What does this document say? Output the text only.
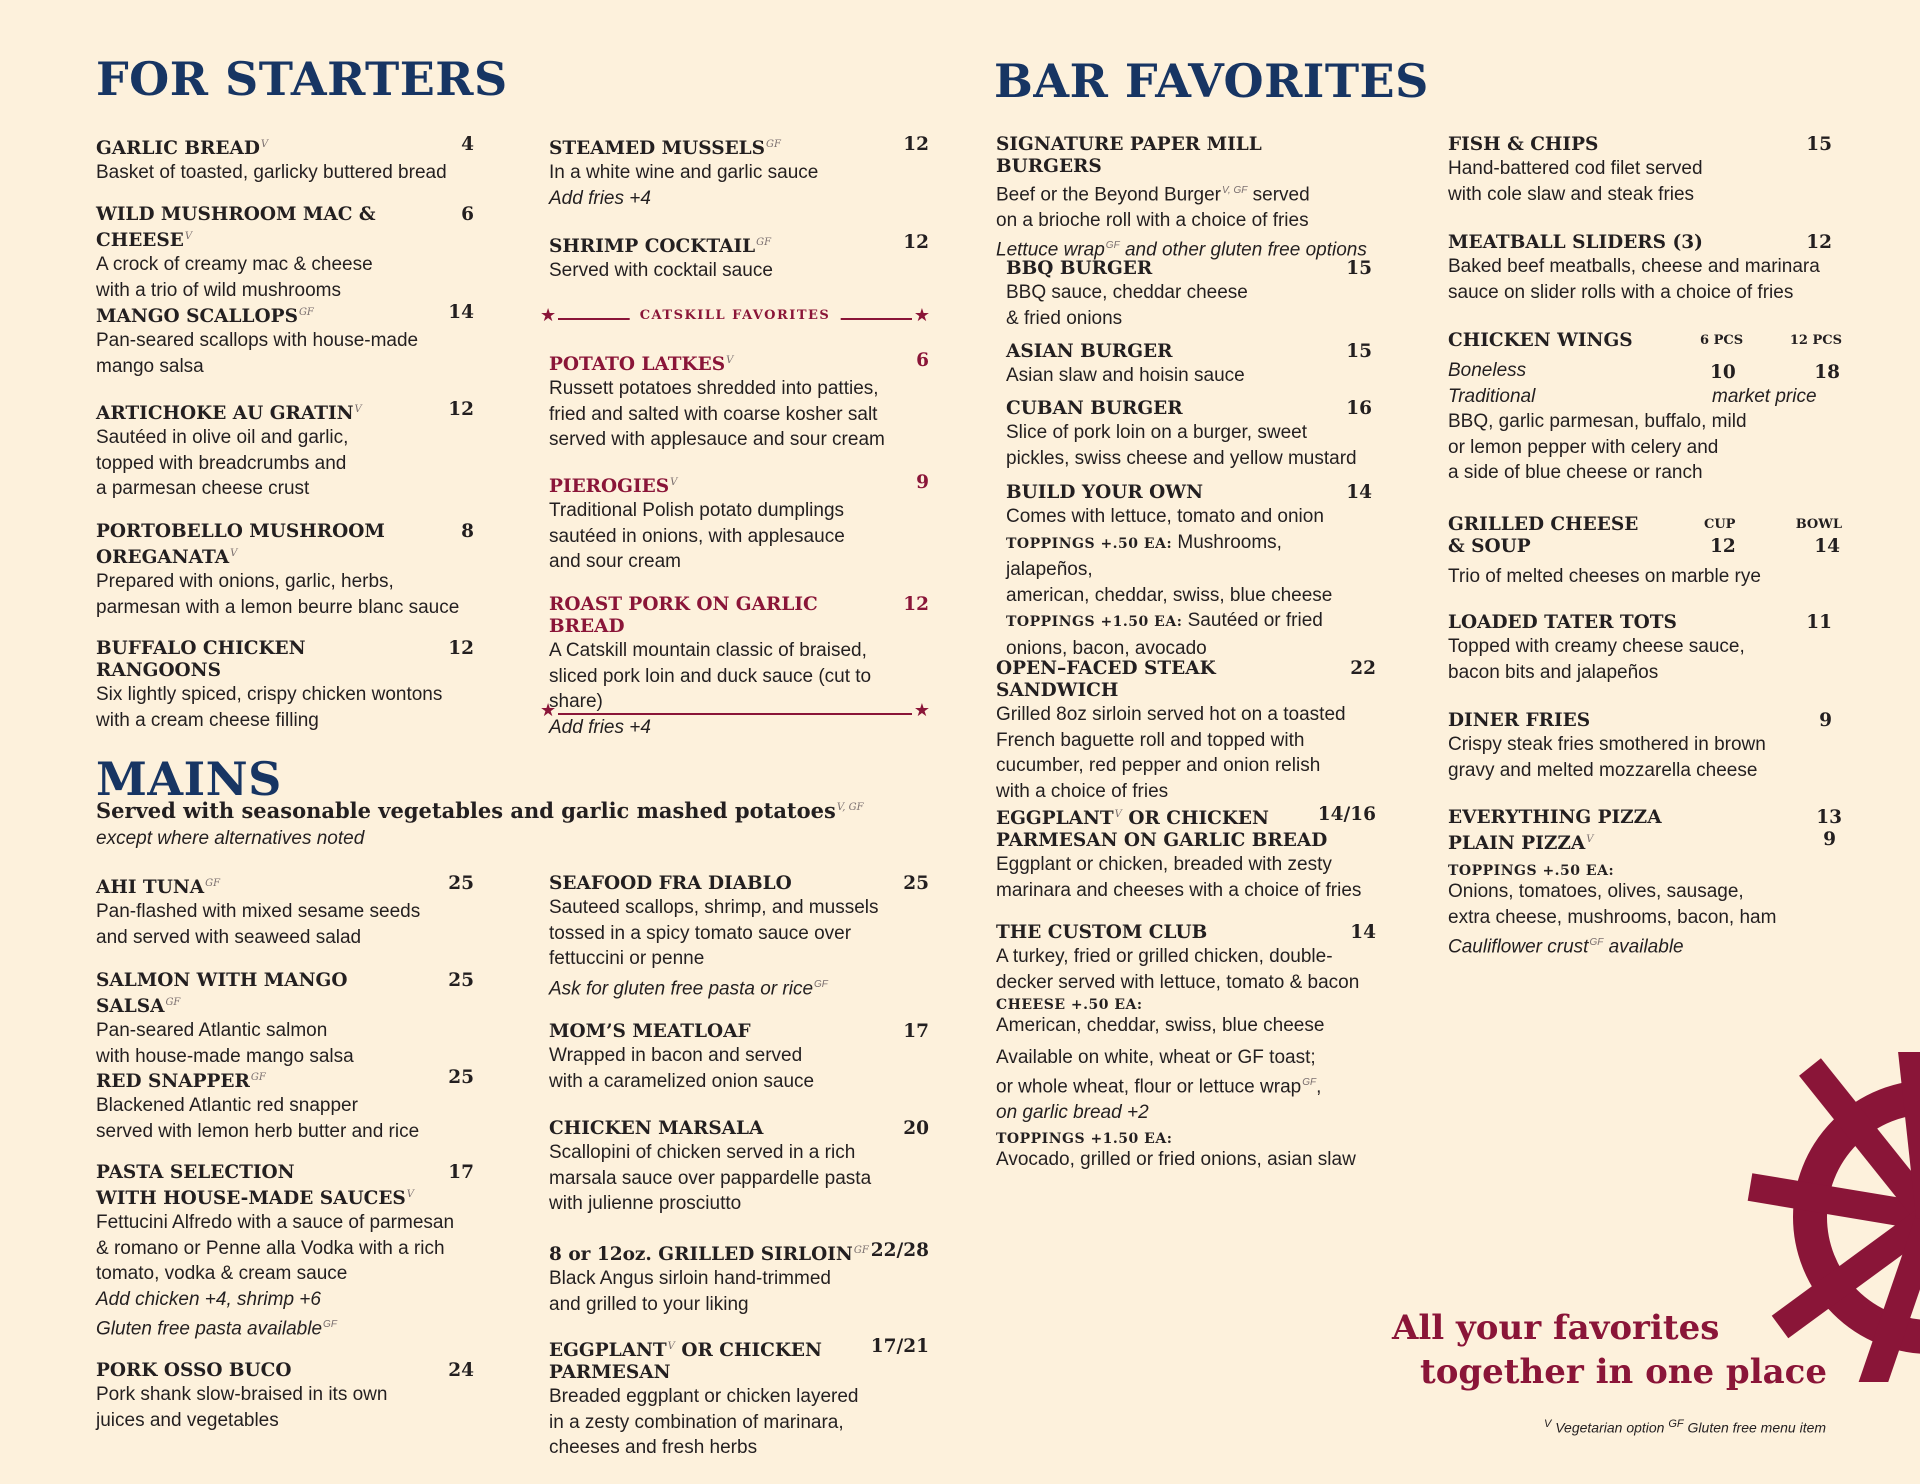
FOR STARTERS
★	CATSKILL FAVORITES	★
★	★
MAINS
Served with seasonable vegetables and garlic mashed potatoes$^{V, GF}$
except where alternatives noted
BAR FAVORITES
SIGNATURE PAPER MILL BURGERS
Beef or the Beyond Burger$^{V, GF}$ served
on a brioche roll with a choice of fries
Lettuce wrap$^{GF}$ and other gluten free options
CHICKEN WINGS	6 PCS	12 PCS
Boneless	10	18
Traditional	market price
BBQ, garlic parmesan, buffalo, mild
or lemon pepper with celery and
a side of blue cheese or ranch
GRILLED CHEESE
& SOUP
CUP	BOWL
12	14
Trio of melted cheeses on marble rye
EVERYTHING PIZZA	13
PLAIN $PIZZA^V$	9
TOPPINGS +.50 EA:
Onions, tomatoes, olives, sausage,
extra cheese, mushrooms, bacon, ham
Cauliflower crust$^{GF}$ available
All your favorites
together in one place
$^V$ Vegetarian option $^{GF}$ Gluten free menu item
GARLIC $BREAD^V$	4
Basket of toasted, garlicky buttered bread
WILD MUSHROOM MAC & $CHEESE^V$
6
A crock of creamy mac & cheese
with a trio of wild mushrooms
MANGO $SCALLOPS^{GF}$	14
Pan-seared scallops with house-made
mango salsa
ARTICHOKE AU $GRATIN^V$	12
Sautéed in olive oil and garlic,
topped with breadcrumbs and
a parmesan cheese crust
PORTOBELLO MUSHROOM	8
$OREGANATA^V$
Prepared with onions, garlic, herbs,
parmesan with a lemon beurre blanc sauce
BUFFALO CHICKEN RANGOONS
12
Six lightly spiced, crispy chicken wontons
with a cream cheese filling
STEAMED $MUSSELS^{GF}$	12
In a white wine and garlic sauce
Add fries +4
SHRIMP $COCKTAIL^{GF}$	12
Served with cocktail sauce
POTATO $LATKES^V$	6
Russett potatoes shredded into patties,
fried and salted with coarse kosher salt
served with applesauce and sour cream
$PIEROGIES^V$	9
Traditional Polish potato dumplings
sautéed in onions, with applesauce
and sour cream
ROAST PORK ON GARLIC BREAD
12
A Catskill mountain classic of braised,
sliced pork loin and duck sauce (cut to share)
Add fries +4
AHI $TUNA^{GF}$	25
Pan-flashed with mixed sesame seeds
and served with seaweed salad
SALMON WITH MANGO $SALSA^{GF}$
25
Pan-seared Atlantic salmon
with house-made mango salsa
RED $SNAPPER^{GF}$	25
Blackened Atlantic red snapper
served with lemon herb butter and rice
PASTA SELECTION	17
WITH HOUSE-MADE $SAUCES^V$
Fettucini Alfredo with a sauce of parmesan
& romano or Penne alla Vodka with a rich
tomato, vodka & cream sauce
Add chicken +4, shrimp +6
Gluten free pasta available$^{GF}$
PORK OSSO BUCO	24
Pork shank slow-braised in its own
juices and vegetables
SEAFOOD FRA DIABLO	25
Sauteed scallops, shrimp, and mussels
tossed in a spicy tomato sauce over
fettuccini or penne
Ask for gluten free pasta or rice$^{GF}$
MOM’S MEATLOAF	17
Wrapped in bacon and served
with a caramelized onion sauce
CHICKEN MARSALA	20
Scallopini of chicken served in a rich
marsala sauce over pappardelle pasta
with julienne prosciutto
8 or 12oz. GRILLED $SIRLOIN^{GF}$ 22/28
Black Angus sirloin hand-trimmed
and grilled to your liking
$EGGPLANT^V$ OR CHICKEN	17/21
PARMESAN
Breaded eggplant or chicken layered
in a zesty combination of marinara,
cheeses and fresh herbs
BBQ BURGER	15
BBQ sauce, cheddar cheese
& fried onions
ASIAN BURGER	15
Asian slaw and hoisin sauce
CUBAN BURGER	16
Slice of pork loin on a burger, sweet
pickles, swiss cheese and yellow mustard
BUILD YOUR OWN	14
Comes with lettuce, tomato and onion
TOPPINGS +.50 EA: Mushrooms, jalapeños,
american, cheddar, swiss, blue cheese
TOPPINGS +1.50 EA: Sautéed or fried
onions, bacon, avocado
OPEN–FACED STEAK SANDWICH
22
Grilled 8oz sirloin served hot on a toasted
French baguette roll and topped with
cucumber, red pepper and onion relish
with a choice of fries
$EGGPLANT^V$ OR CHICKEN	14/16
PARMESAN ON GARLIC BREAD
Eggplant or chicken, breaded with zesty
marinara and cheeses with a choice of fries
THE CUSTOM CLUB	14
A turkey, fried or grilled chicken, double-
decker served with lettuce, tomato & bacon
CHEESE +.50 EA:
American, cheddar, swiss, blue cheese
Available on white, wheat or GF toast;
or whole wheat, flour or lettuce wrap$^{GF}$,
on garlic bread +2
TOPPINGS +1.50 EA:
Avocado, grilled or fried onions, asian slaw
FISH & CHIPS	15
Hand-battered cod filet served
with cole slaw and steak fries
MEATBALL SLIDERS (3)	12
Baked beef meatballs, cheese and marinara
sauce on slider rolls with a choice of fries
LOADED TATER TOTS	11
Topped with creamy cheese sauce,
bacon bits and jalapeños
DINER FRIES	9
Crispy steak fries smothered in brown
gravy and melted mozzarella cheese
